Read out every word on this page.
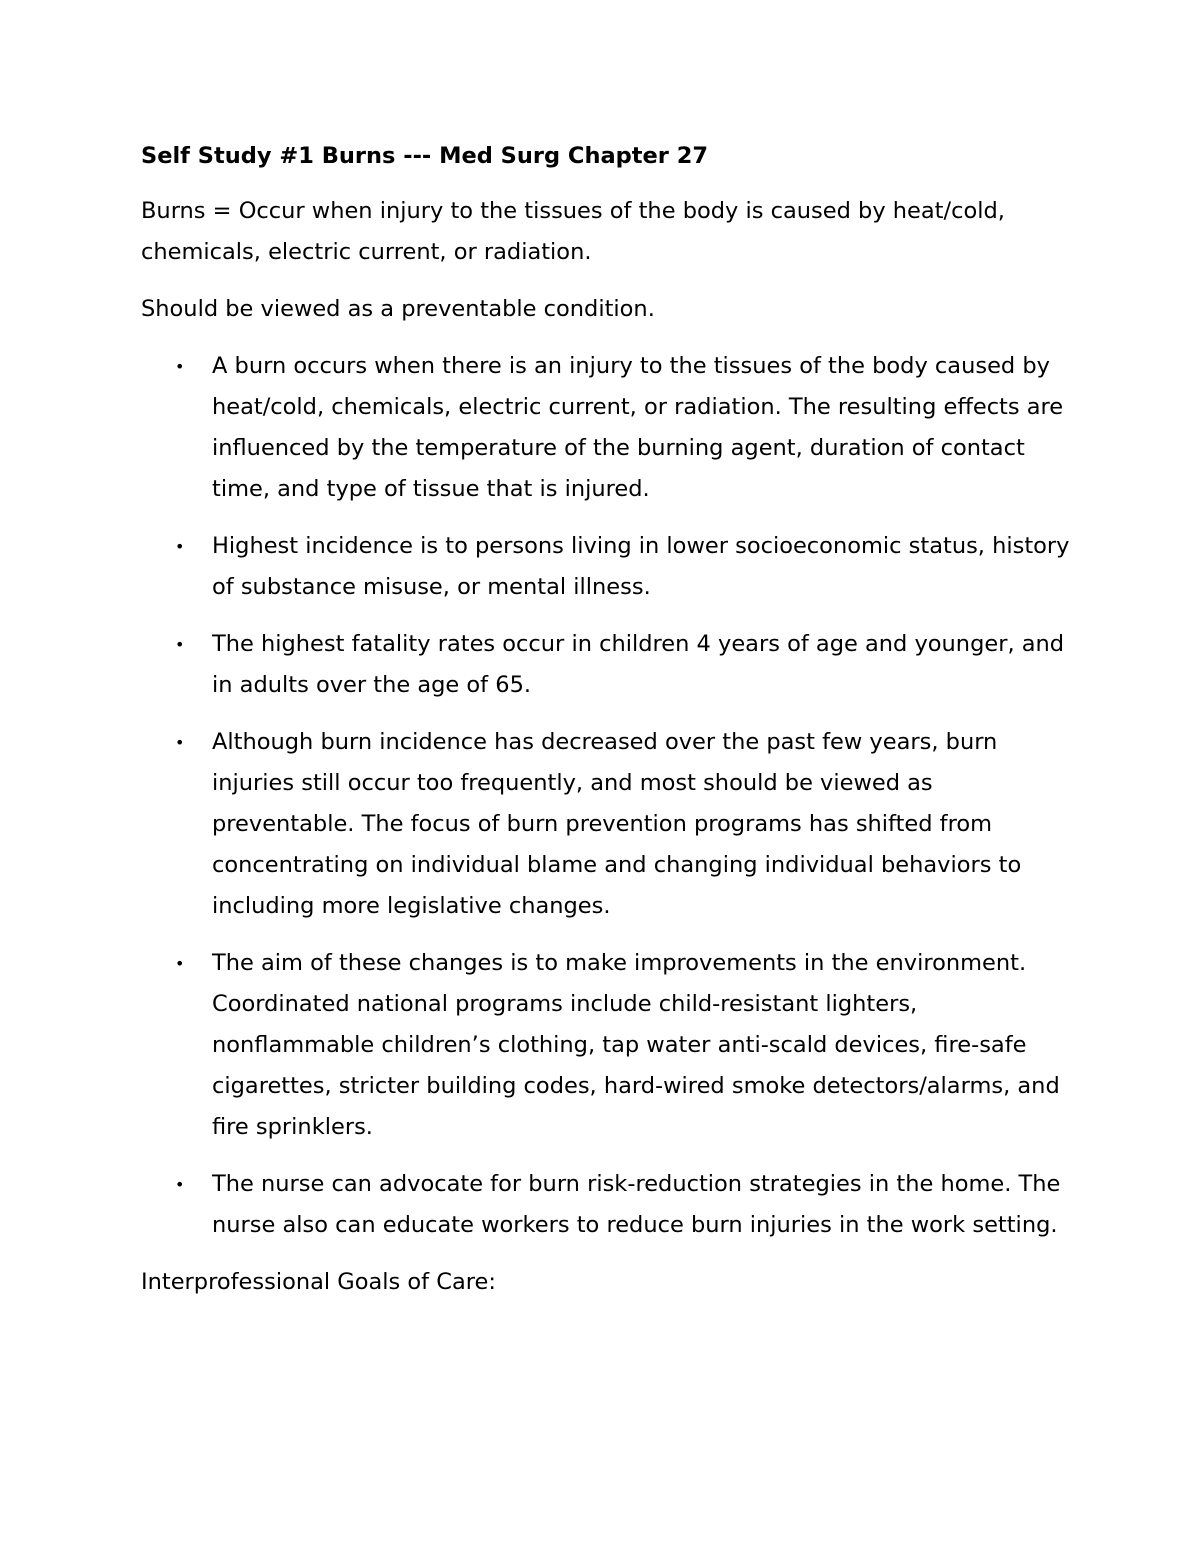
Self Study #1 Burns --- Med Surg Chapter 27

Burns = Occur when injury to the tissues of the body is caused by heat/cold, chemicals, electric current, or radiation.

Should be viewed as a preventable condition.

• A burn occurs when there is an injury to the tissues of the body caused by heat/cold, chemicals, electric current, or radiation. The resulting effects are influenced by the temperature of the burning agent, duration of contact time, and type of tissue that is injured.
• Highest incidence is to persons living in lower socioeconomic status, history of substance misuse, or mental illness.
• The highest fatality rates occur in children 4 years of age and younger, and in adults over the age of 65.
• Although burn incidence has decreased over the past few years, burn injuries still occur too frequently, and most should be viewed as preventable. The focus of burn prevention programs has shifted from concentrating on individual blame and changing individual behaviors to including more legislative changes.
• The aim of these changes is to make improvements in the environment. Coordinated national programs include child-resistant lighters, nonflammable children’s clothing, tap water anti-scald devices, fire-safe cigarettes, stricter building codes, hard-wired smoke detectors/alarms, and fire sprinklers.
• The nurse can advocate for burn risk-reduction strategies in the home. The nurse also can educate workers to reduce burn injuries in the work setting.

Interprofessional Goals of Care:
